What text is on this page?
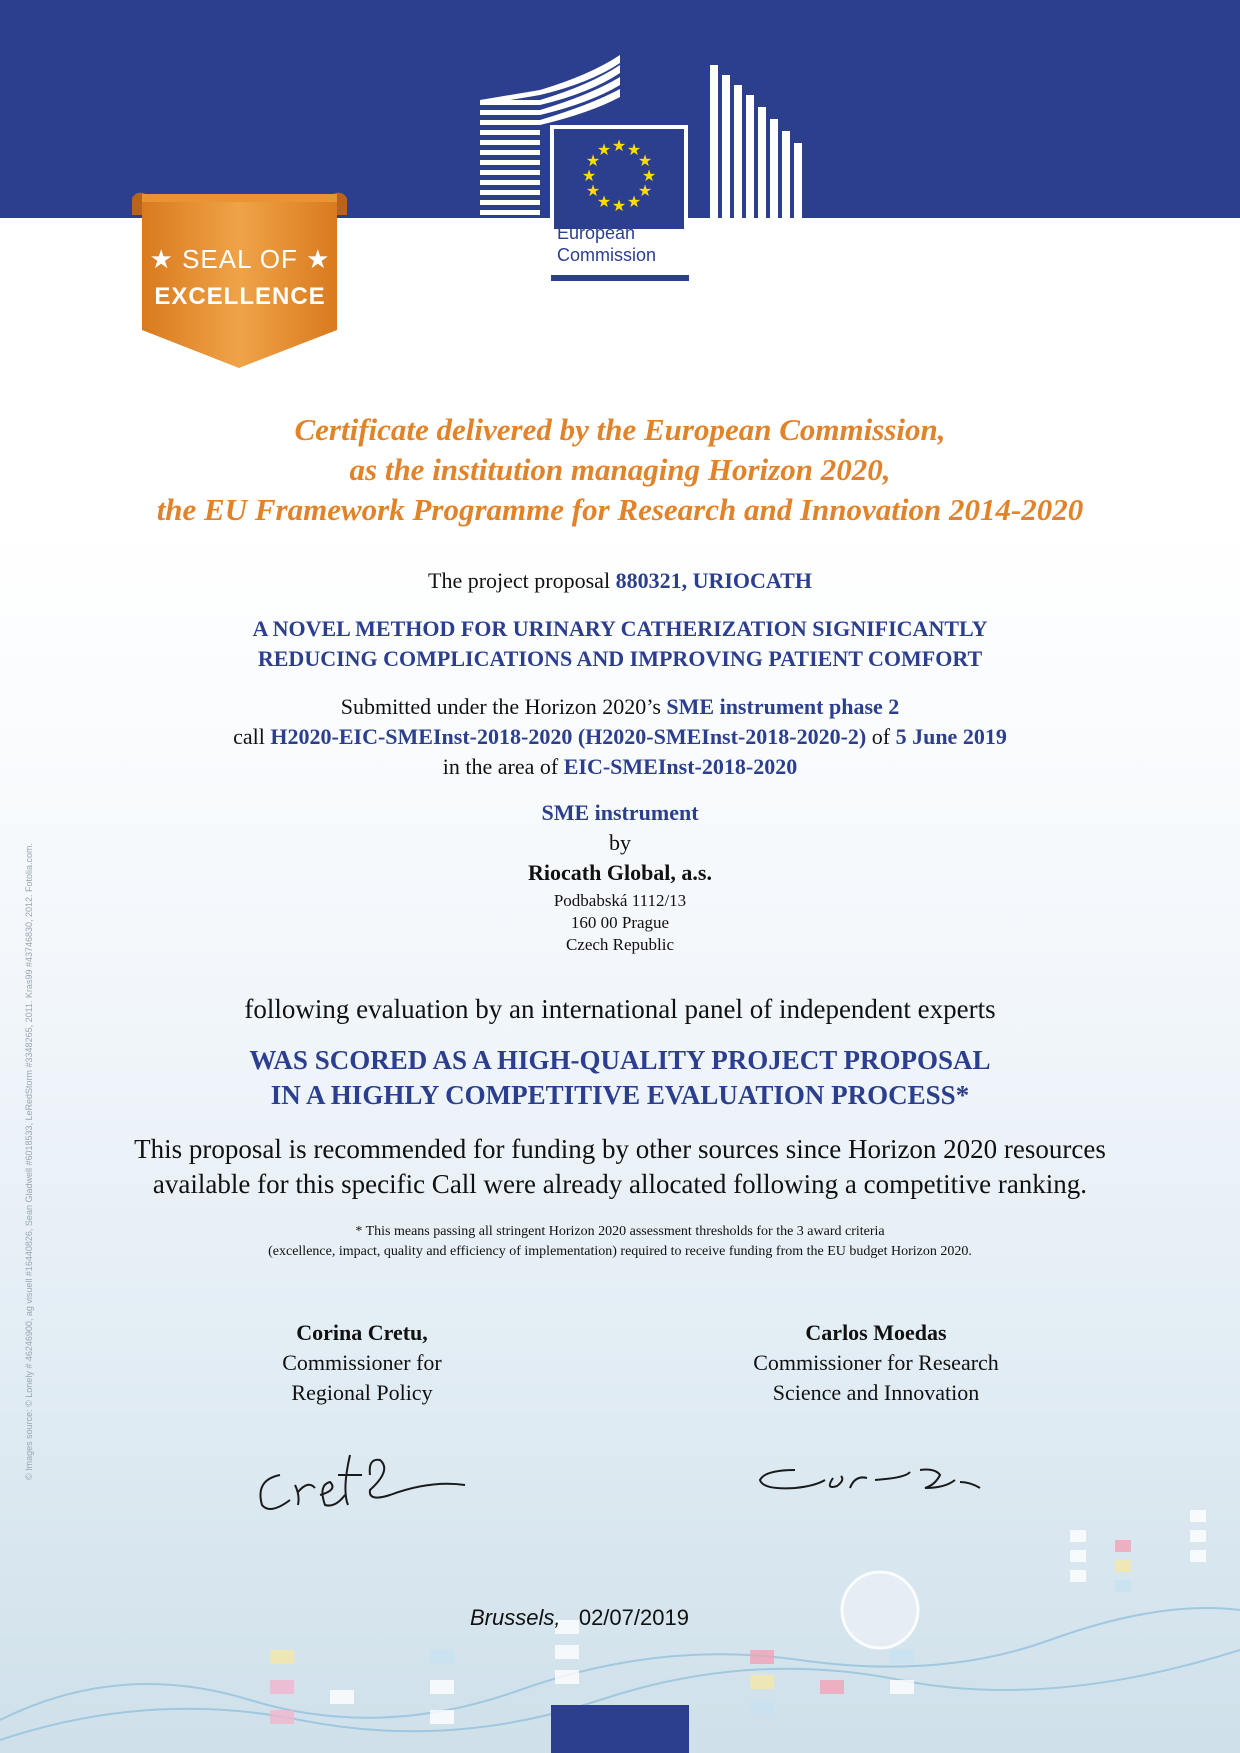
★ ★
★
★
★
★
★
★
★
★
★
★
European
Commission
★ SEAL OF ★
EXCELLENCE
Certificate delivered by the European Commission,
as the institution managing Horizon 2020,
the EU Framework Programme for Research and Innovation 2014-2020
The project proposal 880321, URIOCATH
A NOVEL METHOD FOR URINARY CATHERIZATION SIGNIFICANTLY
REDUCING COMPLICATIONS AND IMPROVING PATIENT COMFORT
Submitted under the Horizon 2020’s SME instrument phase 2
call H2020-EIC-SMEInst-2018-2020 (H2020-SMEInst-2018-2020-2) of 5 June 2019
in the area of EIC-SMEInst-2018-2020
SME instrument
by
Riocath Global, a.s.
Podbabská 1112/13
160 00 Prague
Czech Republic
following evaluation by an international panel of independent experts
WAS SCORED AS A HIGH-QUALITY PROJECT PROPOSAL
IN A HIGHLY COMPETITIVE EVALUATION PROCESS*
This proposal is recommended for funding by other sources since Horizon 2020 resources
available for this specific Call were already allocated following a competitive ranking.
* This means passing all stringent Horizon 2020 assessment thresholds for the 3 award criteria
(excellence, impact, quality and efficiency of implementation) required to receive funding from the EU budget Horizon 2020.
Corina Cretu,
Commissioner for
Regional Policy
Carlos Moedas
Commissioner for Research
Science and Innovation
Brussels, 02/07/2019
© Images source: © Lonely # 46246900, ag visuell #16440826, Sean Gladwell #6018533, LeRedStorm #3348265, 2011. Kras99 #43746830, 2012. Fotolia.com.
